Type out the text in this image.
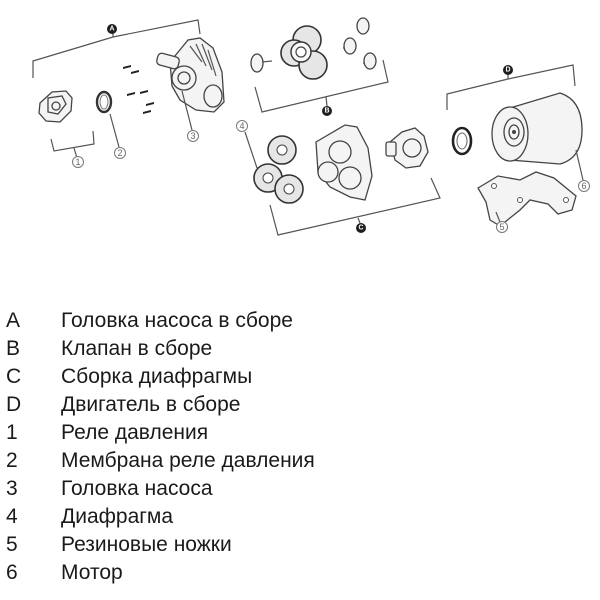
A
1
2
3
B
4
C
D
6
5
A	Головка насоса в сборе
B	Клапан в сборе
C	Сборка диафрагмы
D	Двигатель в сборе
1	Реле давления
2	Мембрана реле давления
3	Головка насоса
4	Диафрагма
5	Резиновые ножки
6	Мотор
